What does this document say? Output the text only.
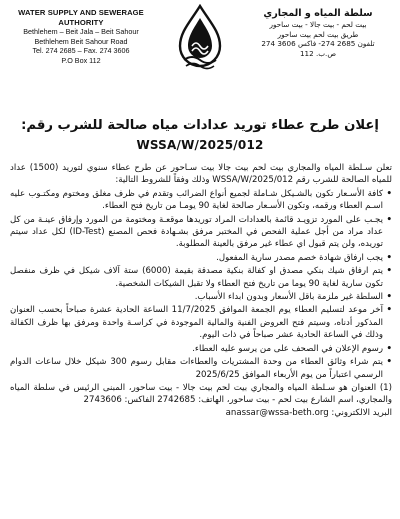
WATER SUPPLY AND SEWERAGE AUTHORITY
Bethlehem – Beit Jala – Beit Sahour
Bethlehem Beit Sahour Road
Tel. 274 2685 – Fax. 274 3606
P.O Box 112
سلطة المياه و المجاري
بيت لحم - بيت جالا - بيت ساحور
طريق بيت لحم بيت ساحور
تلفون 2685 274- فاكس 3606 274
ص.ب. 112
إعلان طرح عطاء توريد عدادات مياه صالحة للشرب رقم:
WSSA/W/2025/012

تعلن سـلطة المياه والمجاري بيت لحم بيت جالا بيت سـاحور عن طرح عطاء سنوي لتوريد (1500) عداد للمياه الصالحة للشرب رقم WSSA/W/2025/012 وذلك وفقاً للشروط التالية:

• كافة الأسـعار تكون بالشـيكل شـاملة لجميع أنواع الضرائب وتقدم في ظرف مغلق ومختوم ومكتـوب عليه اسـم العطاء ورقمه، وتكون الأسـعار صالحة لغاية 90 يومـا من تاريخ فتح العطاء.

• يجـب على المورد تزويـد قائمة بالعدادات المراد توريدها موقعـة ومختومة من المورد وإرفاق عينـة من كل عداد مراد من أجل عملية الفحص في المختبر مرفق بشـهادة فحص المصنع (ID-Test) لكل عداد سيتم توريده، ولن يتم قبول اي عطاء غير مرفق بالعينة المطلوبة.

• يجب ارفاق شهادة خصم مصدر سارية المفعول.

• يتم ارفاق شيك بنكي مصدق او كفالة بنكية مصدقة بقيمة (6000) ستة آلاف شيكل في ظرف منفصل تكون سارية لغاية 90 يوما من تاريخ فتح العطاء ولا تقبل الشيكات الشخصية.

• السلطة غير ملزمة باقل الأسعار وبدون ابداء الأسباب.

• آخر موعد لتسليم العطاء يوم الجمعة الموافق 11/7/2025 الساعة الحادية عشرة صباحاً بحسب العنوان المذكور أدناه، وسيتم فتح العروض الفنية والمالية الموجودة في كراسـة واحدة ومرفق بها ظرف الكفالة وذلك في الساعة الحادية عشر صباحاً في ذات اليوم.

• رسوم الإعلان في الصحف على من يرسو عليه العطاء.

• يتم شراء وثائق العطاء من وحدة المشتريات والعطاءات مقابل رسوم 300 شيكل خلال ساعات الدوام الرسمي اعتباراً من يوم الأربعاء الموافق 2025/6/25

(1) العنوان هو سـلطة المياه والمجاري بيت لحم بيت جالا - بيت ساحور، المبنى الرئيس في سلطة المياه والمجاري، اسم الشارع بيت لحم - بيت ساحور، الهاتف: 2742685 الفاكس: 2743606

البريد الالكتروني: anassar@wssa-beth.org
